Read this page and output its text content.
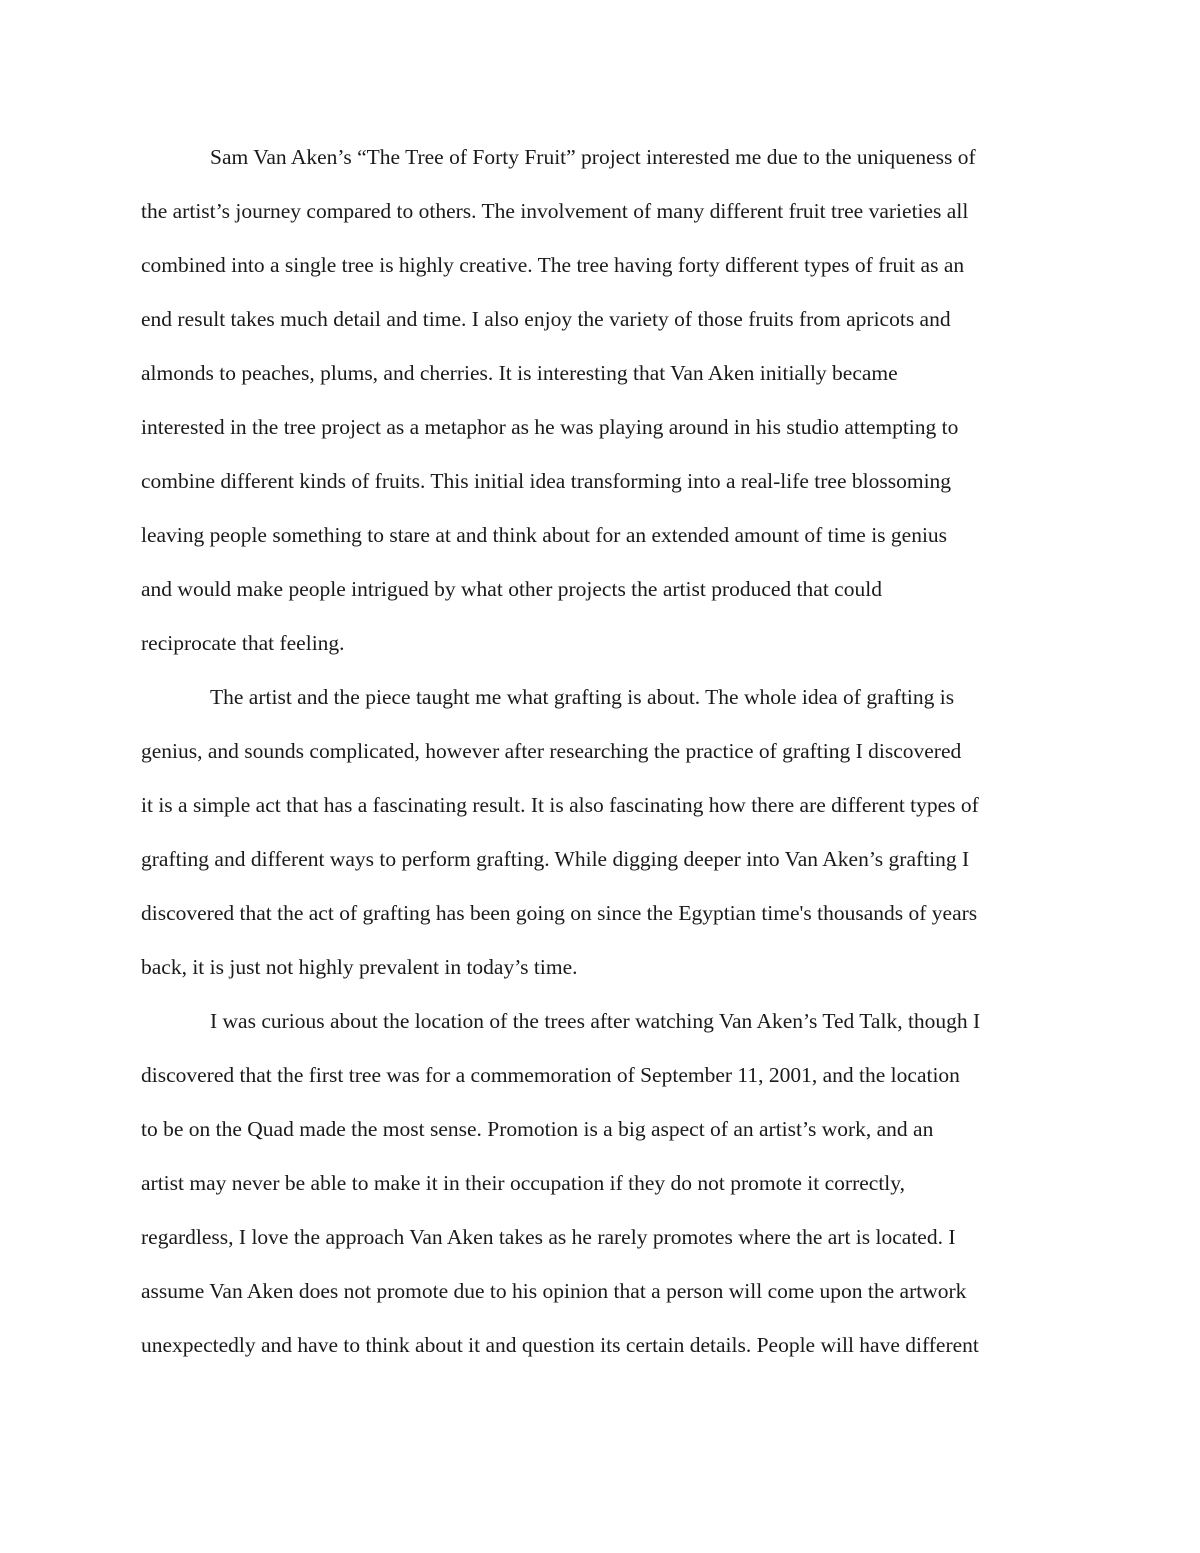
Sam Van Aken’s “The Tree of Forty Fruit” project interested me due to the uniqueness of
the artist’s journey compared to others. The involvement of many different fruit tree varieties all
combined into a single tree is highly creative. The tree having forty different types of fruit as an
end result takes much detail and time. I also enjoy the variety of those fruits from apricots and
almonds to peaches, plums, and cherries. It is interesting that Van Aken initially became
interested in the tree project as a metaphor as he was playing around in his studio attempting to
combine different kinds of fruits. This initial idea transforming into a real-life tree blossoming
leaving people something to stare at and think about for an extended amount of time is genius
and would make people intrigued by what other projects the artist produced that could
reciprocate that feeling.
The artist and the piece taught me what grafting is about. The whole idea of grafting is
genius, and sounds complicated, however after researching the practice of grafting I discovered
it is a simple act that has a fascinating result. It is also fascinating how there are different types of
grafting and different ways to perform grafting. While digging deeper into Van Aken’s grafting I
discovered that the act of grafting has been going on since the Egyptian time's thousands of years
back, it is just not highly prevalent in today’s time.
I was curious about the location of the trees after watching Van Aken’s Ted Talk, though I
discovered that the first tree was for a commemoration of September 11, 2001, and the location
to be on the Quad made the most sense. Promotion is a big aspect of an artist’s work, and an
artist may never be able to make it in their occupation if they do not promote it correctly,
regardless, I love the approach Van Aken takes as he rarely promotes where the art is located. I
assume Van Aken does not promote due to his opinion that a person will come upon the artwork
unexpectedly and have to think about it and question its certain details. People will have different
